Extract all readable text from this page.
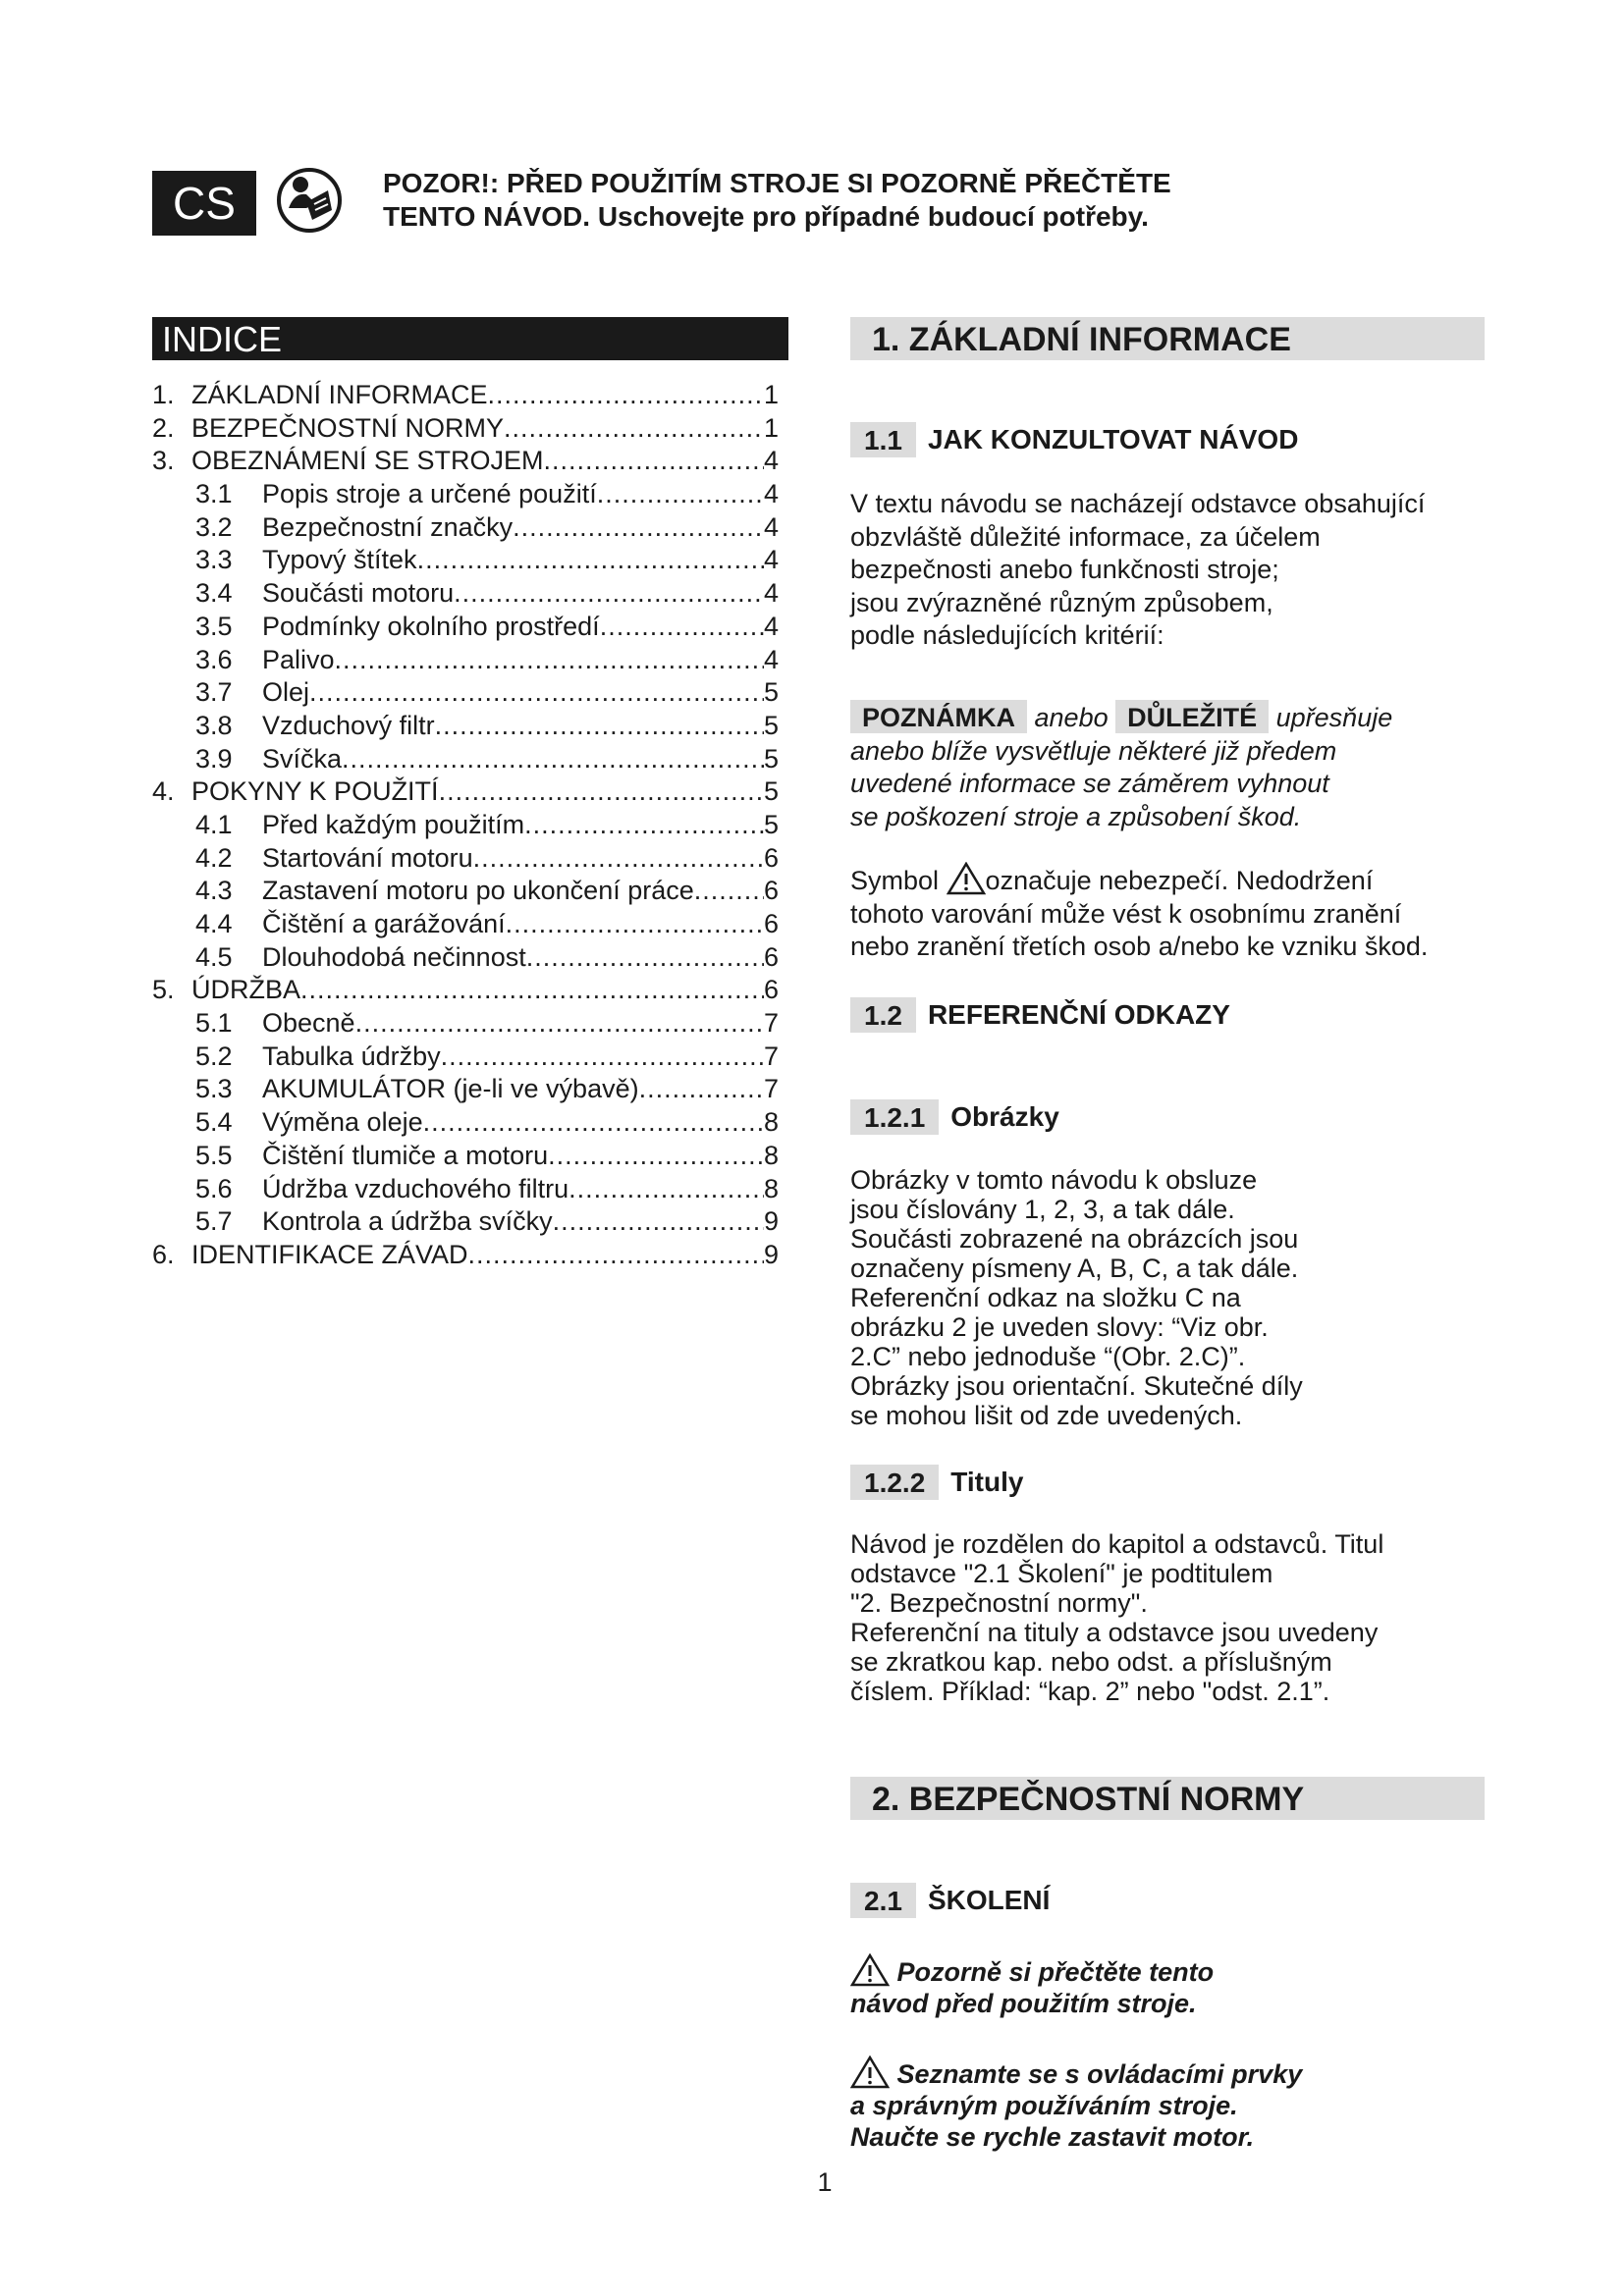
CS	POZOR!: PŘED POUŽITÍM STROJE SI POZORNĚ PŘEČTĚTE
TENTO NÁVOD. Uschovejte pro případné budoucí potřeby.
INDICE
1. ZÁKLADNÍ INFORMACE .....	1
2. BEZPEČNOSTNÍ NORMY .....	1
3. OBEZNÁMENÍ SE STROJEM .....	4
3.1	Popis stroje a určené použití .....	4
3.2	Bezpečnostní značky .....	4
3.3	Typový štítek .....	4
3.4	Součásti motoru .....	4
3.5	Podmínky okolního prostředí .....	4
3.6	Palivo .....	4
3.7	Olej .....	5
3.8	Vzduchový filtr .....	5
3.9	Svíčka .....	5
4. POKYNY K POUŽITÍ .....	5
4.1	Před každým použitím .....	5
4.2	Startování motoru .....	6
4.3	Zastavení motoru po ukončení práce .....	6
4.4	Čištění a garážování .....	6
4.5	Dlouhodobá nečinnost .....	6
5. ÚDRŽBA .....	6
5.1	Obecně .....	7
5.2	Tabulka údržby .....	7
5.3	AKUMULÁTOR (je-li ve výbavě) .....	7
5.4	Výměna oleje .....	8
5.5	Čištění tlumiče a motoru .....	8
5.6	Údržba vzduchového filtru .....	8
5.7	Kontrola a údržba svíčky .....	9
6. IDENTIFIKACE ZÁVAD .....	9
1. ZÁKLADNÍ INFORMACE
1.1 JAK KONZULTOVAT NÁVOD
V textu návodu se nacházejí odstavce obsahující
obzvláště důležité informace, za účelem
bezpečnosti anebo funkčnosti stroje;
jsou zvýrazněné různým způsobem,
podle následujících kritérií:
POZNÁMKA anebo DŮLEŽITÉ upřesňuje
anebo blíže vysvětluje některé již předem
uvedené informace se záměrem vyhnout
se poškození stroje a způsobení škod.
Symbol označuje nebezpečí. Nedodržení
tohoto varování může vést k osobnímu zranění
nebo zranění třetích osob a/nebo ke vzniku škod.
1.2 REFERENČNÍ ODKAZY
1.2.1 Obrázky
Obrázky v tomto návodu k obsluze
jsou číslovány 1, 2, 3, a tak dále.
Součásti zobrazené na obrázcích jsou
označeny písmeny A, B, C, a tak dále.
Referenční odkaz na složku C na
obrázku 2 je uveden slovy: “Viz obr.
2.C” nebo jednoduše “(Obr. 2.C)”.
Obrázky jsou orientační. Skutečné díly
se mohou lišit od zde uvedených.
1.2.2 Tituly
Návod je rozdělen do kapitol a odstavců. Titul
odstavce "2.1 Školení" je podtitulem
"2. Bezpečnostní normy".
Referenční na tituly a odstavce jsou uvedeny
se zkratkou kap. nebo odst. a příslušným
číslem. Příklad: “kap. 2” nebo "odst. 2.1”.
2. BEZPEČNOSTNÍ NORMY
2.1 ŠKOLENÍ
Pozorně si přečtěte tento
návod před použitím stroje.
Seznamte se s ovládacími prvky
a správným používáním stroje.
Naučte se rychle zastavit motor.
1
